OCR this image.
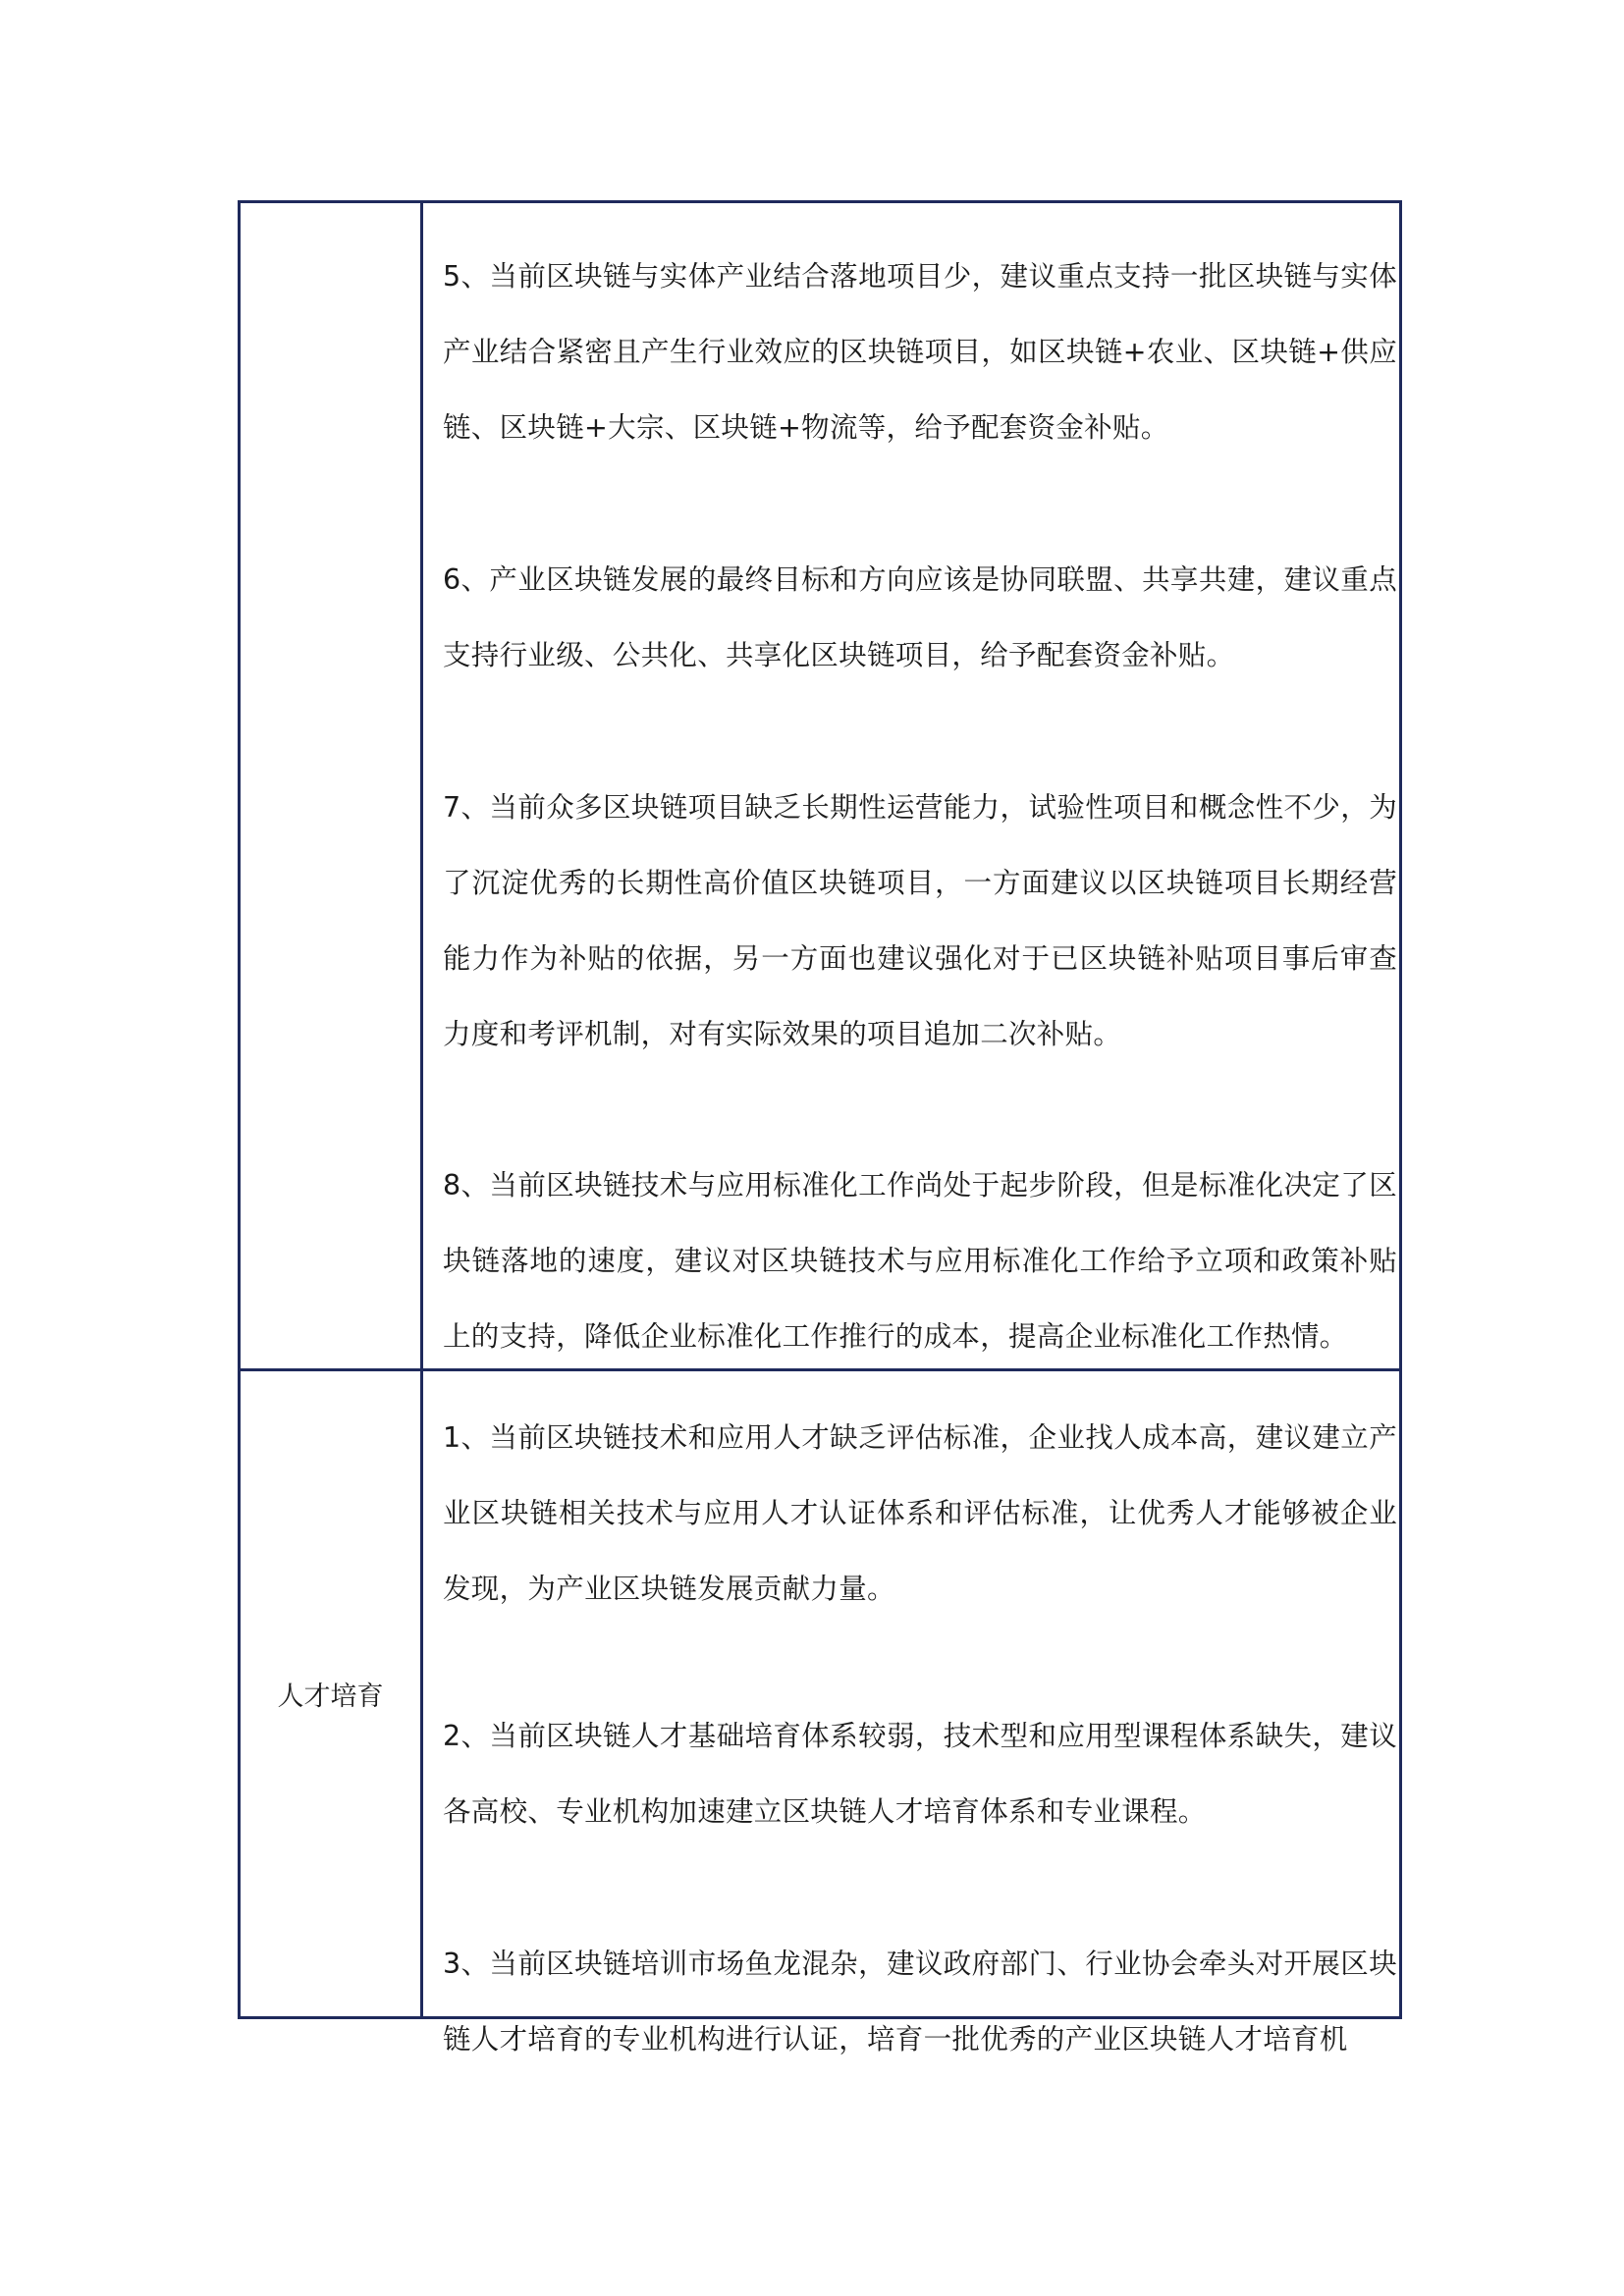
5、当前区块链与实体产业结合落地项目少，建议重点支持一批区块链与实体产业结合紧密且产生行业效应的区块链项目，如区块链+农业、区块链+供应链、区块链+大宗、区块链+物流等，给予配套资金补贴。

6、产业区块链发展的最终目标和方向应该是协同联盟、共享共建，建议重点支持行业级、公共化、共享化区块链项目，给予配套资金补贴。

7、当前众多区块链项目缺乏长期性运营能力，试验性项目和概念性不少，为了沉淀优秀的长期性高价值区块链项目，一方面建议以区块链项目长期经营能力作为补贴的依据，另一方面也建议强化对于已区块链补贴项目事后审查力度和考评机制，对有实际效果的项目追加二次补贴。

8、当前区块链技术与应用标准化工作尚处于起步阶段，但是标准化决定了区块链落地的速度，建议对区块链技术与应用标准化工作给予立项和政策补贴上的支持，降低企业标准化工作推行的成本，提高企业标准化工作热情。

人才培育

1、当前区块链技术和应用人才缺乏评估标准，企业找人成本高，建议建立产业区块链相关技术与应用人才认证体系和评估标准，让优秀人才能够被企业发现，为产业区块链发展贡献力量。

2、当前区块链人才基础培育体系较弱，技术型和应用型课程体系缺失，建议各高校、专业机构加速建立区块链人才培育体系和专业课程。

3、当前区块链培训市场鱼龙混杂，建议政府部门、行业协会牵头对开展区块链人才培育的专业机构进行认证，培育一批优秀的产业区块链人才培育机
